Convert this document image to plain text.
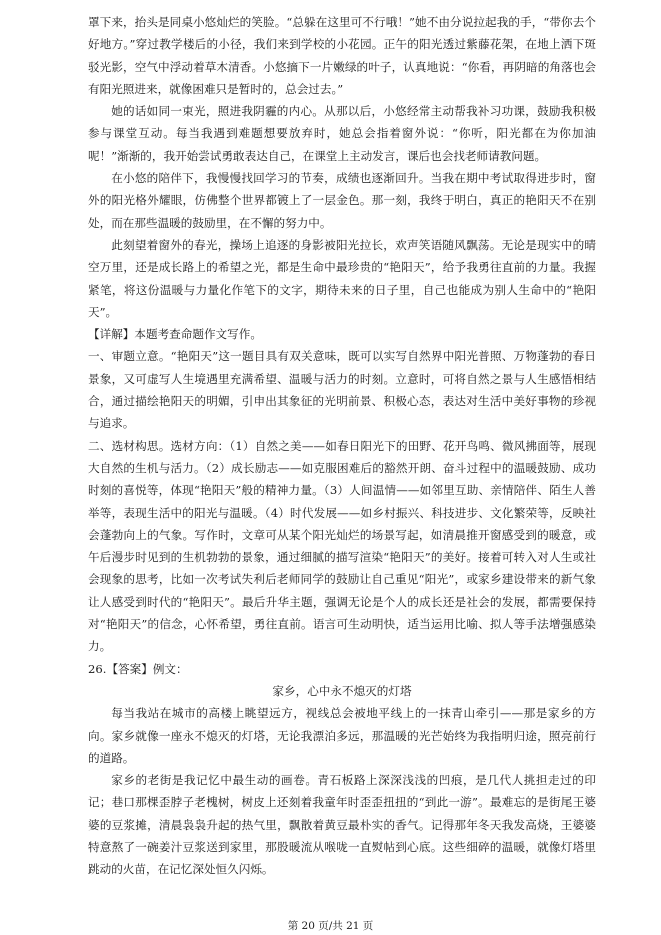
罩下来，抬头是同桌小悠灿烂的笑脸。“总躲在这里可不行哦！”她不由分说拉起我的手，“带你去个好地方。”穿过教学楼后的小径，我们来到学校的小花园。正午的阳光透过紫藤花架，在地上洒下斑驳光影，空气中浮动着草木清香。小悠摘下一片嫩绿的叶子，认真地说：“你看，再阴暗的角落也会有阳光照进来，就像困难只是暂时的，总会过去。”

她的话如同一束光，照进我阴霾的内心。从那以后，小悠经常主动帮我补习功课，鼓励我积极参与课堂互动。每当我遇到难题想要放弃时，她总会指着窗外说：“你听，阳光都在为你加油呢！”渐渐的，我开始尝试勇敢表达自己，在课堂上主动发言，课后也会找老师请教问题。

在小悠的陪伴下，我慢慢找回学习的节奏，成绩也逐渐回升。当我在期中考试取得进步时，窗外的阳光格外耀眼，仿佛整个世界都镀上了一层金色。那一刻，我终于明白，真正的艳阳天不在别处，而在那些温暖的鼓励里，在不懈的努力中。

此刻望着窗外的春光，操场上追逐的身影被阳光拉长，欢声笑语随风飘荡。无论是现实中的晴空万里，还是成长路上的希望之光，都是生命中最珍贵的“艳阳天”，给予我勇往直前的力量。我握紧笔，将这份温暖与力量化作笔下的文字，期待未来的日子里，自己也能成为别人生命中的“艳阳天”。

【详解】本题考查命题作文写作。

一、审题立意。“艳阳天”这一题目具有双关意味，既可以实写自然界中阳光普照、万物蓬勃的春日景象，又可虚写人生境遇里充满希望、温暖与活力的时刻。立意时，可将自然之景与人生感悟相结合，通过描绘艳阳天的明媚，引申出其象征的光明前景、积极心态，表达对生活中美好事物的珍视与追求。

二、选材构思。选材方向：（1）自然之美——如春日阳光下的田野、花开鸟鸣、微风拂面等，展现大自然的生机与活力。（2）成长励志——如克服困难后的豁然开朗、奋斗过程中的温暖鼓励、成功时刻的喜悦等，体现“艳阳天”般的精神力量。（3）人间温情——如邻里互助、亲情陪伴、陌生人善举等，表现生活中的阳光与温暖。（4）时代发展——如乡村振兴、科技进步、文化繁荣等，反映社会蓬勃向上的气象。写作时，文章可从某个阳光灿烂的场景写起，如清晨推开窗感受到的暖意，或午后漫步时见到的生机勃勃的景象，通过细腻的描写渲染“艳阳天”的美好。接着可转入对人生或社会现象的思考，比如一次考试失利后老师同学的鼓励让自己重见“阳光”，或家乡建设带来的新气象让人感受到时代的“艳阳天”。最后升华主题，强调无论是个人的成长还是社会的发展，都需要保持对“艳阳天”的信念，心怀希望，勇往直前。语言可生动明快，适当运用比喻、拟人等手法增强感染力。

26.【答案】例文：

家乡，心中永不熄灭的灯塔

每当我站在城市的高楼上眺望远方，视线总会被地平线上的一抹青山牵引——那是家乡的方向。家乡就像一座永不熄灭的灯塔，无论我漂泊多远，那温暖的光芒始终为我指明归途，照亮前行的道路。

家乡的老街是我记忆中最生动的画卷。青石板路上深深浅浅的凹痕，是几代人挑担走过的印记；巷口那棵歪脖子老槐树，树皮上还刻着我童年时歪歪扭扭的“到此一游”。最难忘的是街尾王婆婆的豆浆摊，清晨袅袅升起的热气里，飘散着黄豆最朴实的香气。记得那年冬天我发高烧，王婆婆特意熬了一碗姜汁豆浆送到家里，那股暖流从喉咙一直熨帖到心底。这些细碎的温暖，就像灯塔里跳动的火苗，在记忆深处恒久闪烁。

第 20 页/共 21 页
